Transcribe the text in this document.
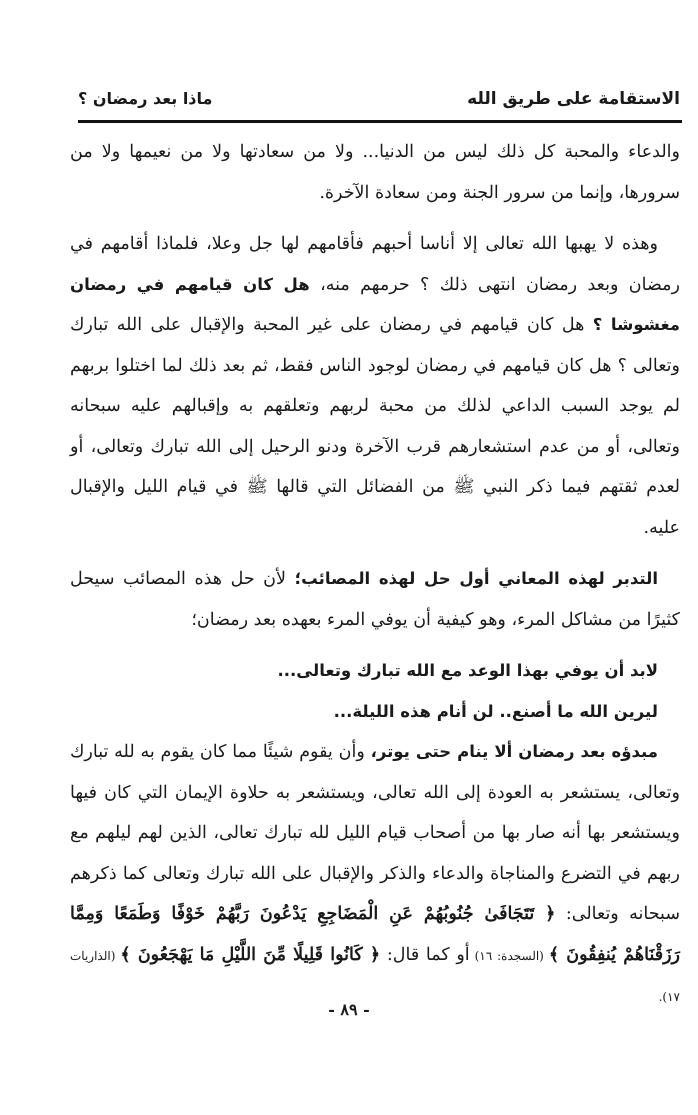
الاستقامة على طريق الله
ماذا بعد رمضان ؟

والدعاء والمحبة كل ذلك ليس من الدنيا... ولا من سعادتها ولا من نعيمها ولا من سرورها، وإنما من سرور الجنة ومن سعادة الآخرة.

وهذه لا يهبها الله تعالى إلا أناسا أحبهم فأقامهم لها جل وعلا، فلماذا أقامهم في رمضان وبعد رمضان انتهى ذلك ؟ حرمهم منه، هل كان قيامهم في رمضان مغشوشا ؟ هل كان قيامهم في رمضان على غير المحبة والإقبال على الله تبارك وتعالى ؟ هل كان قيامهم في رمضان لوجود الناس فقط، ثم بعد ذلك لما اختلوا بربهم لم يوجد السبب الداعي لذلك من محبة لربهم وتعلقهم به وإقبالهم عليه سبحانه وتعالى، أو من عدم استشعارهم قرب الآخرة ودنو الرحيل إلى الله تبارك وتعالى، أو لعدم ثقتهم فيما ذكر النبي ﷺ من الفضائل التي قالها ﷺ في قيام الليل والإقبال عليه.

التدبر لهذه المعاني أول حل لهذه المصائب؛ لأن حل هذه المصائب سيحل كثيرًا من مشاكل المرء، وهو كيفية أن يوفي المرء بعهده بعد رمضان؛

لابد أن يوفي بهذا الوعد مع الله تبارك وتعالى...

ليرين الله ما أصنع.. لن أنام هذه الليلة...

مبدؤه بعد رمضان ألا ينام حتى يوتر، وأن يقوم شيئًا مما كان يقوم به لله تبارك وتعالى، يستشعر به العودة إلى الله تعالى، ويستشعر به حلاوة الإيمان التي كان فيها ويستشعر بها أنه صار بها من أصحاب قيام الليل لله تبارك تعالى، الذين لهم ليلهم مع ربهم في التضرع والمناجاة والدعاء والذكر والإقبال على الله تبارك وتعالى كما ذكرهم سبحانه وتعالى: ﴿ تَتَجَافَىٰ جُنُوبُهُمْ عَنِ الْمَضَاجِعِ يَدْعُونَ رَبَّهُمْ خَوْفًا وَطَمَعًا وَمِمَّا رَزَقْنَاهُمْ يُنفِقُونَ ﴾ (السجدة: ١٦) أو كما قال: ﴿ كَانُوا قَلِيلًا مِّنَ اللَّيْلِ مَا يَهْجَعُونَ ﴾ (الذاريات ١٧).

- ٨٩ -
